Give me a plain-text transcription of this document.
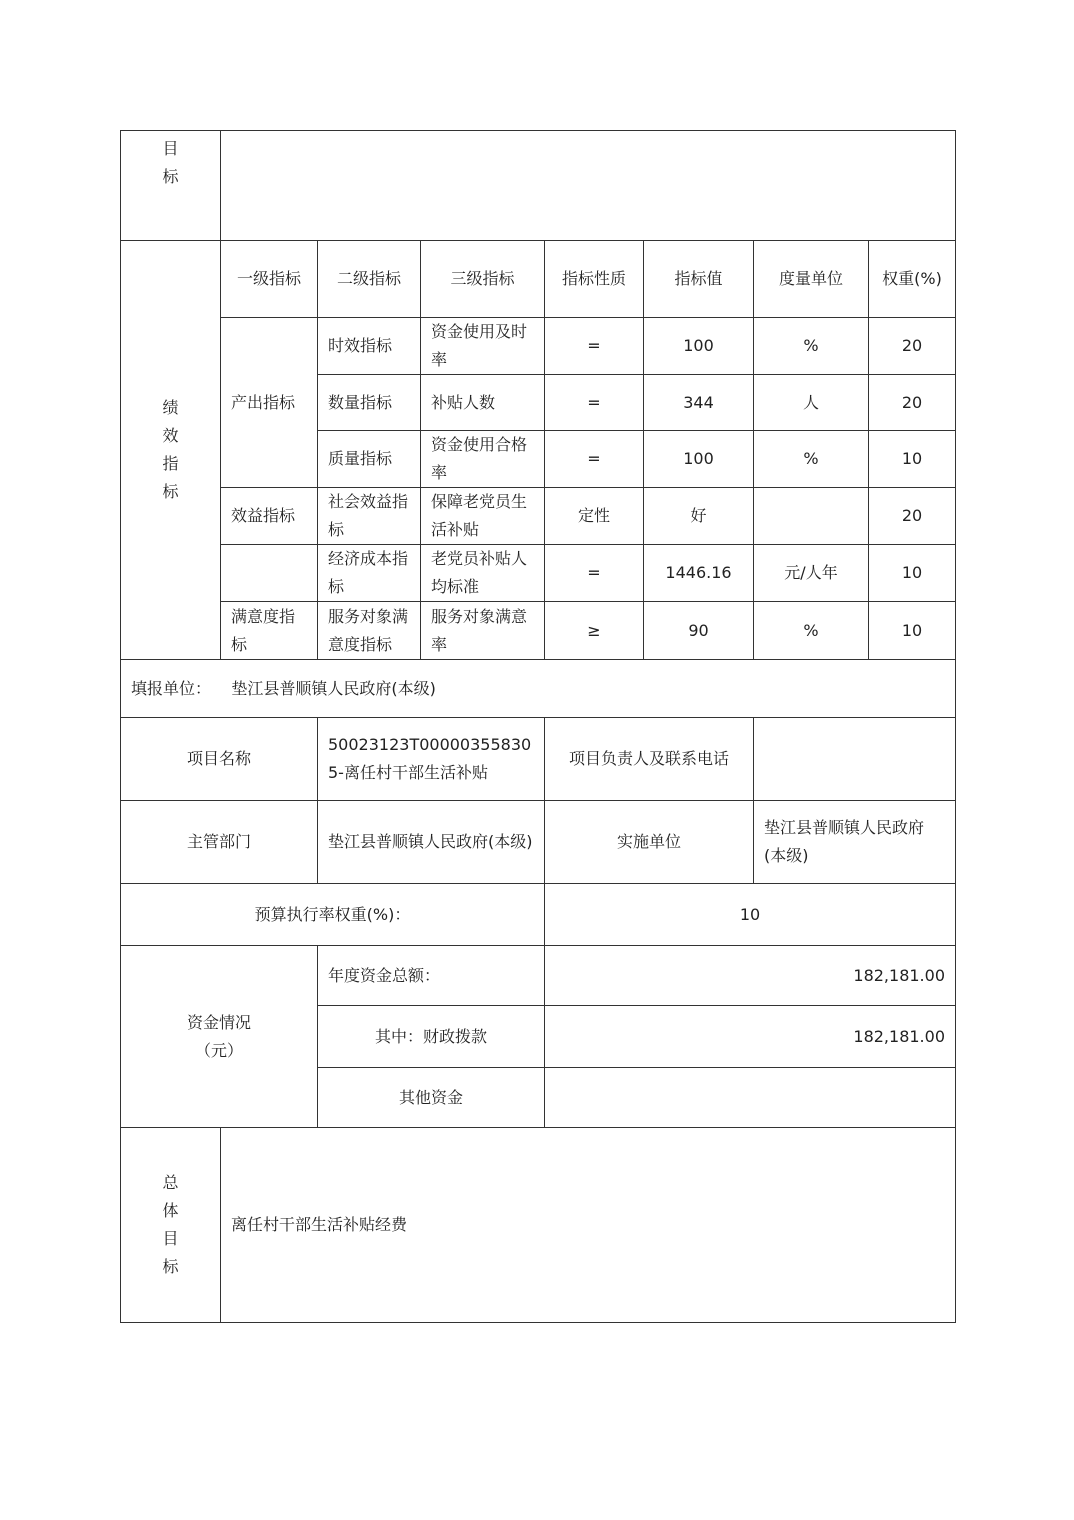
目标							

绩效指标	一级指标	二级指标	三级指标	指标性质	指标值	度量单位	权重(%)
	产出指标	时效指标	资金使用及时率	=	100	%	20
		数量指标	补贴人数	=	344	人	20
		质量指标	资金使用合格率	=	100	%	10
	效益指标	社会效益指标	保障老党员生活补贴	定性	好		20
		经济成本指标	老党员补贴人均标准	=	1446.16	元/人年	10
	满意度指标	服务对象满意度指标	服务对象满意率	≥	90	%	10
填报单位： 垫江县普顺镇人民政府(本级)				
项目名称		50023123T000003558305-离任村干部生活补贴	项目负责人及联系电话	
主管部门		垫江县普顺镇人民政府(本级)	实施单位	垫江县普顺镇人民政府(本级)
预算执行率权重(%)：			10	

资金情况
（元）		年度资金总额：	182,181.00	
		其中：财政拨款	182,181.00	
		其他资金		

总体目标	离任村干部生活补贴经费			
